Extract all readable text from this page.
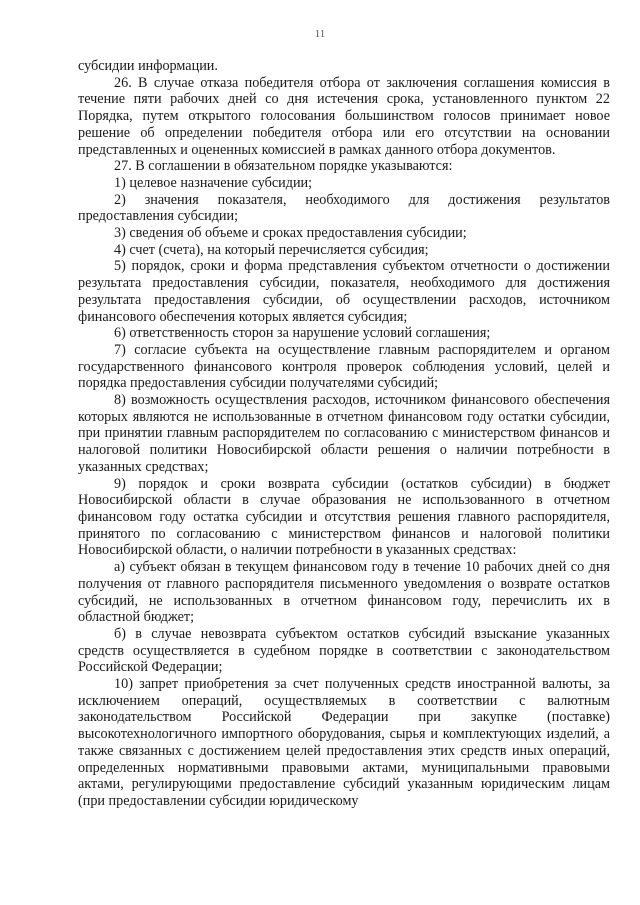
11

субсидии информации.

26. В случае отказа победителя отбора от заключения соглашения комиссия в течение пяти рабочих дней со дня истечения срока, установленного пунктом 22 Порядка, путем открытого голосования большинством голосов принимает новое решение об определении победителя отбора или его отсутствии на основании представленных и оцененных комиссией в рамках данного отбора документов.

27. В соглашении в обязательном порядке указываются:

1) целевое назначение субсидии;

2) значения показателя, необходимого для достижения результатов предоставления субсидии;

3) сведения об объеме и сроках предоставления субсидии;

4) счет (счета), на который перечисляется субсидия;

5) порядок, сроки и форма представления субъектом отчетности о достижении результата предоставления субсидии, показателя, необходимого для достижения результата предоставления субсидии, об осуществлении расходов, источником финансового обеспечения которых является субсидия;

6) ответственность сторон за нарушение условий соглашения;

7) согласие субъекта на осуществление главным распорядителем и органом государственного финансового контроля проверок соблюдения условий, целей и порядка предоставления субсидии получателями субсидий;

8) возможность осуществления расходов, источником финансового обеспечения которых являются не использованные в отчетном финансовом году остатки субсидии, при принятии главным распорядителем по согласованию с министерством финансов и налоговой политики Новосибирской области решения о наличии потребности в указанных средствах;

9) порядок и сроки возврата субсидии (остатков субсидии) в бюджет Новосибирской области в случае образования не использованного в отчетном финансовом году остатка субсидии и отсутствия решения главного распорядителя, принятого по согласованию с министерством финансов и налоговой политики Новосибирской области, о наличии потребности в указанных средствах:

а) субъект обязан в текущем финансовом году в течение 10 рабочих дней со дня получения от главного распорядителя письменного уведомления о возврате остатков субсидий, не использованных в отчетном финансовом году, перечислить их в областной бюджет;

б) в случае невозврата субъектом остатков субсидий взыскание указанных средств осуществляется в судебном порядке в соответствии с законодательством Российской Федерации;

10) запрет приобретения за счет полученных средств иностранной валюты, за исключением операций, осуществляемых в соответствии с валютным законодательством Российской Федерации при закупке (поставке) высокотехнологичного импортного оборудования, сырья и комплектующих изделий, а также связанных с достижением целей предоставления этих средств иных операций, определенных нормативными правовыми актами, муниципальными правовыми актами, регулирующими предоставление субсидий указанным юридическим лицам (при предоставлении субсидии юридическому
